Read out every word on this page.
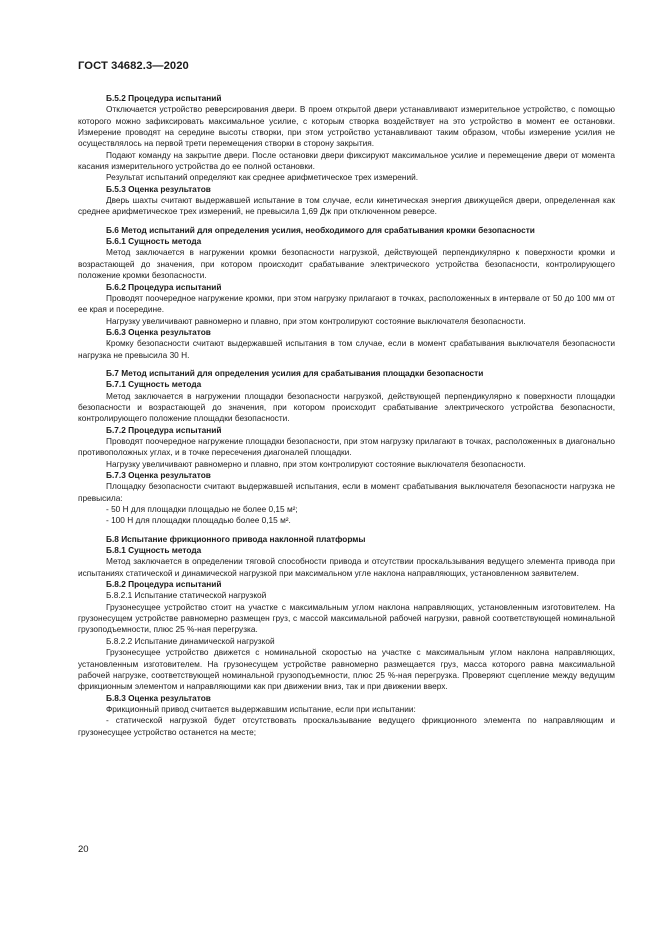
ГОСТ 34682.3—2020

Б.5.2 Процедура испытаний

Отключается устройство реверсирования двери. В проем открытой двери устанавливают измерительное устройство, с помощью которого можно зафиксировать максимальное усилие, с которым створка воздействует на это устройство в момент ее остановки. Измерение проводят на середине высоты створки, при этом устройство устанавливают таким образом, чтобы измерение усилия не осуществлялось на первой трети перемещения створки в сторону закрытия.

Подают команду на закрытие двери. После остановки двери фиксируют максимальное усилие и перемещение двери от момента касания измерительного устройства до ее полной остановки.

Результат испытаний определяют как среднее арифметическое трех измерений.

Б.5.3 Оценка результатов

Дверь шахты считают выдержавшей испытание в том случае, если кинетическая энергия движущейся двери, определенная как среднее арифметическое трех измерений, не превысила 1,69 Дж при отключенном реверсе.

Б.6 Метод испытаний для определения усилия, необходимого для срабатывания кромки безопасности

Б.6.1 Сущность метода

Метод заключается в нагружении кромки безопасности нагрузкой, действующей перпендикулярно к поверхности кромки и возрастающей до значения, при котором происходит срабатывание электрического устройства безопасности, контролирующего положение кромки безопасности.

Б.6.2 Процедура испытаний

Проводят поочередное нагружение кромки, при этом нагрузку прилагают в точках, расположенных в интервале от 50 до 100 мм от ее края и посередине.

Нагрузку увеличивают равномерно и плавно, при этом контролируют состояние выключателя безопасности.

Б.6.3 Оценка результатов

Кромку безопасности считают выдержавшей испытания в том случае, если в момент срабатывания выключателя безопасности нагрузка не превысила 30 Н.

Б.7 Метод испытаний для определения усилия для срабатывания площадки безопасности

Б.7.1 Сущность метода

Метод заключается в нагружении площадки безопасности нагрузкой, действующей перпендикулярно к поверхности площадки безопасности и возрастающей до значения, при котором происходит срабатывание электрического устройства безопасности, контролирующего положение площадки безопасности.

Б.7.2 Процедура испытаний

Проводят поочередное нагружение площадки безопасности, при этом нагрузку прилагают в точках, расположенных в диагонально противоположных углах, и в точке пересечения диагоналей площадки.

Нагрузку увеличивают равномерно и плавно, при этом контролируют состояние выключателя безопасности.

Б.7.3 Оценка результатов

Площадку безопасности считают выдержавшей испытания, если в момент срабатывания выключателя безопасности нагрузка не превысила:

- 50 Н для площадки площадью не более 0,15 м²;

- 100 Н для площадки площадью более 0,15 м².

Б.8 Испытание фрикционного привода наклонной платформы

Б.8.1 Сущность метода

Метод заключается в определении тяговой способности привода и отсутствии проскальзывания ведущего элемента привода при испытаниях статической и динамической нагрузкой при максимальном угле наклона направляющих, установленном заявителем.

Б.8.2 Процедура испытаний

Б.8.2.1 Испытание статической нагрузкой

Грузонесущее устройство стоит на участке с максимальным углом наклона направляющих, установленным изготовителем. На грузонесущем устройстве равномерно размещен груз, с массой максимальной рабочей нагрузки, равной соответствующей номинальной грузоподъемности, плюс 25 %-ная перегрузка.

Б.8.2.2 Испытание динамической нагрузкой

Грузонесущее устройство движется с номинальной скоростью на участке с максимальным углом наклона направляющих, установленным изготовителем. На грузонесущем устройстве равномерно размещается груз, масса которого равна максимальной рабочей нагрузке, соответствующей номинальной грузоподъемности, плюс 25 %-ная перегрузка. Проверяют сцепление между ведущим фрикционным элементом и направляющими как при движении вниз, так и при движении вверх.

Б.8.3 Оценка результатов

Фрикционный привод считается выдержавшим испытание, если при испытании:

- статической нагрузкой будет отсутствовать проскальзывание ведущего фрикционного элемента по направляющим и грузонесущее устройство останется на месте;

20
